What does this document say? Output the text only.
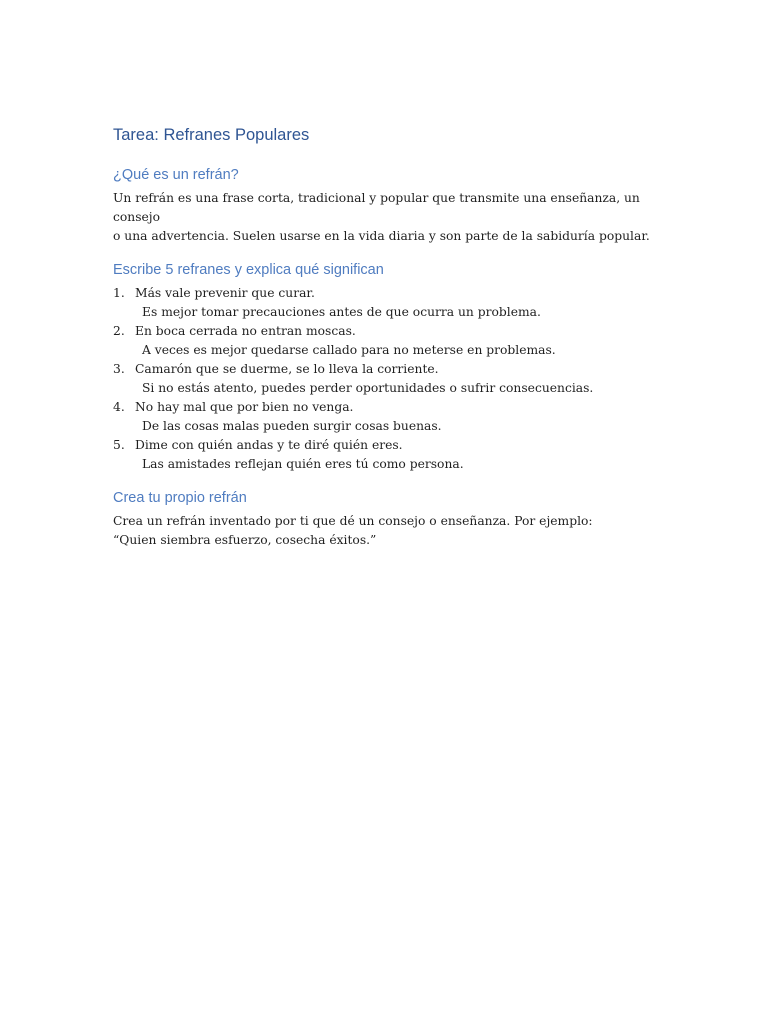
Tarea: Refranes Populares
¿Qué es un refrán?

Un refrán es una frase corta, tradicional y popular que transmite una enseñanza, un consejo

o una advertencia. Suelen usarse en la vida diaria y son parte de la sabiduría popular.

Escribe 5 refranes y explica qué significan
1. Más vale prevenir que curar.
Es mejor tomar precauciones antes de que ocurra un problema.
2. En boca cerrada no entran moscas.
A veces es mejor quedarse callado para no meterse en problemas.
3. Camarón que se duerme, se lo lleva la corriente.
Si no estás atento, puedes perder oportunidades o sufrir consecuencias.
4. No hay mal que por bien no venga.
De las cosas malas pueden surgir cosas buenas.
5. Dime con quién andas y te diré quién eres.
Las amistades reflejan quién eres tú como persona.
Crea tu propio refrán

Crea un refrán inventado por ti que dé un consejo o enseñanza. Por ejemplo:

“Quien siembra esfuerzo, cosecha éxitos.”
